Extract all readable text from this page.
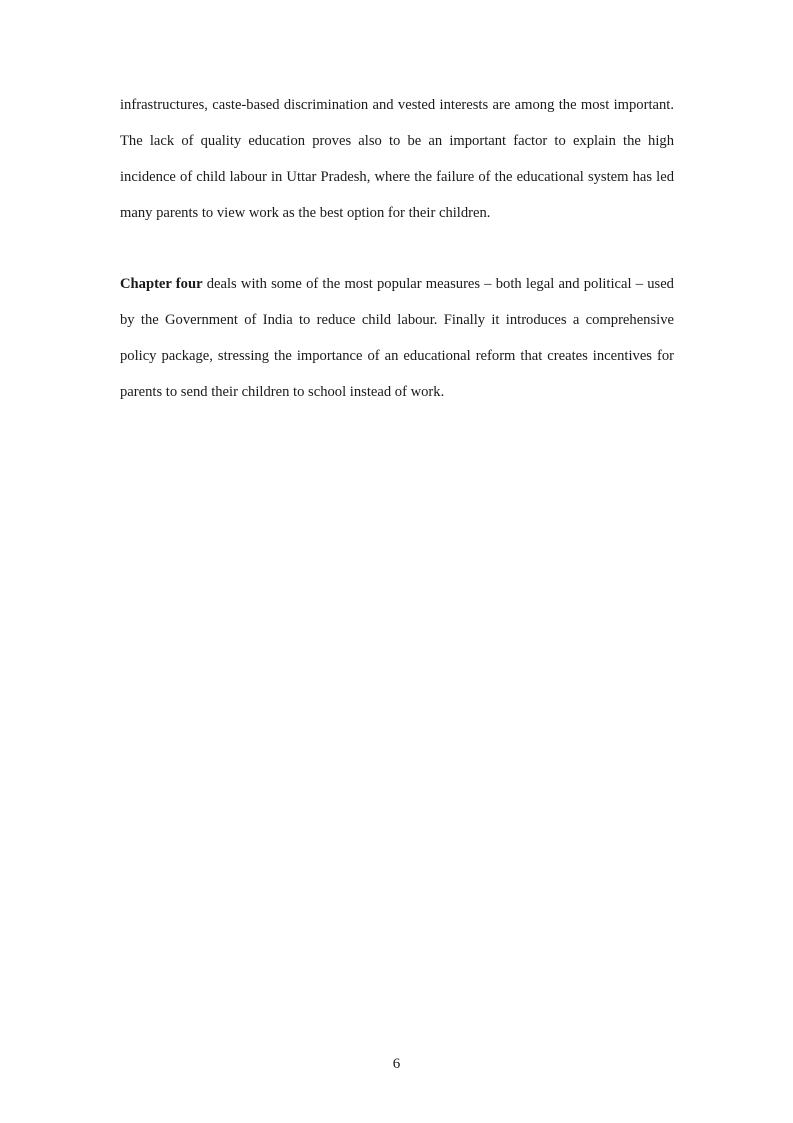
infrastructures, caste-based discrimination and vested interests are among the most important. The lack of quality education proves also to be an important factor to explain the high incidence of child labour in Uttar Pradesh, where the failure of the educational system has led many parents to view work as the best option for their children.

Chapter four deals with some of the most popular measures – both legal and political – used by the Government of India to reduce child labour. Finally it introduces a comprehensive policy package, stressing the importance of an educational reform that creates incentives for parents to send their children to school instead of work.

6
